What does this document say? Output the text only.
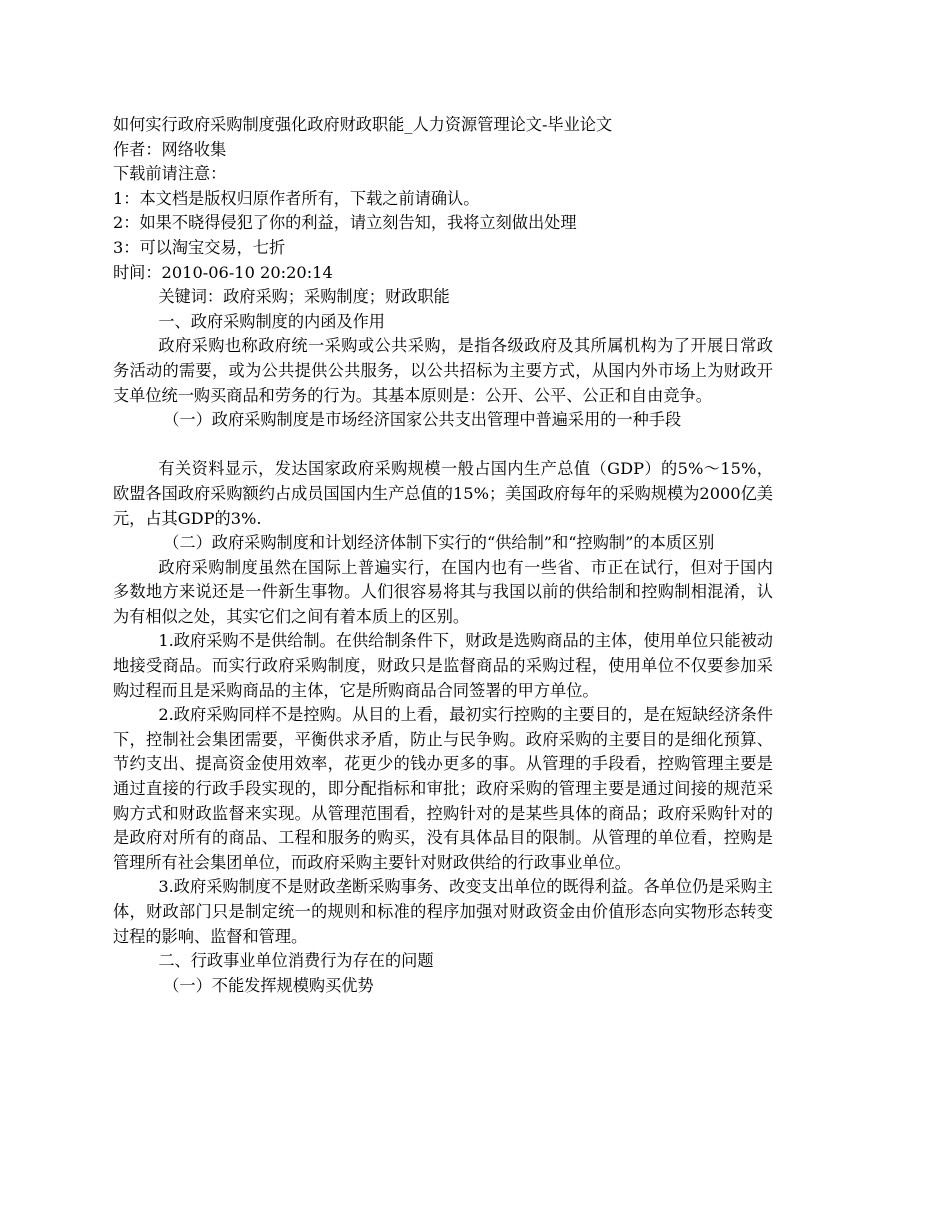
如何实行政府采购制度强化政府财政职能_人力资源管理论文-毕业论文
作者：网络收集
下载前请注意：
1：本文档是版权归原作者所有，下载之前请确认。
2：如果不晓得侵犯了你的利益，请立刻告知，我将立刻做出处理
3：可以淘宝交易，七折
时间：2010-06-10 20:20:14

关键词：政府采购；采购制度；财政职能

一、政府采购制度的内函及作用

政府采购也称政府统一采购或公共采购，是指各级政府及其所属机构为了开展日常政务活动的需要，或为公共提供公共服务，以公共招标为主要方式，从国内外市场上为财政开支单位统一购买商品和劳务的行为。其基本原则是：公开、公平、公正和自由竞争。

（一）政府采购制度是市场经济国家公共支出管理中普遍采用的一种手段

有关资料显示，发达国家政府采购规模一般占国内生产总值（GDP）的5%～15%，欧盟各国政府采购额约占成员国国内生产总值的15%；美国政府每年的采购规模为2000亿美元，占其GDP的3%.

（二）政府采购制度和计划经济体制下实行的“供给制”和“控购制”的本质区别

政府采购制度虽然在国际上普遍实行，在国内也有一些省、市正在试行，但对于国内多数地方来说还是一件新生事物。人们很容易将其与我国以前的供给制和控购制相混淆，认为有相似之处，其实它们之间有着本质上的区别。

1.政府采购不是供给制。在供给制条件下，财政是选购商品的主体，使用单位只能被动地接受商品。而实行政府采购制度，财政只是监督商品的采购过程，使用单位不仅要参加采购过程而且是采购商品的主体，它是所购商品合同签署的甲方单位。

2.政府采购同样不是控购。从目的上看，最初实行控购的主要目的，是在短缺经济条件下，控制社会集团需要，平衡供求矛盾，防止与民争购。政府采购的主要目的是细化预算、节约支出、提高资金使用效率，花更少的钱办更多的事。从管理的手段看，控购管理主要是通过直接的行政手段实现的，即分配指标和审批；政府采购的管理主要是通过间接的规范采购方式和财政监督来实现。从管理范围看，控购针对的是某些具体的商品；政府采购针对的是政府对所有的商品、工程和服务的购买，没有具体品目的限制。从管理的单位看，控购是管理所有社会集团单位，而政府采购主要针对财政供给的行政事业单位。

3.政府采购制度不是财政垄断采购事务、改变支出单位的既得利益。各单位仍是采购主体，财政部门只是制定统一的规则和标准的程序加强对财政资金由价值形态向实物形态转变过程的影响、监督和管理。

二、行政事业单位消费行为存在的问题

（一）不能发挥规模购买优势
